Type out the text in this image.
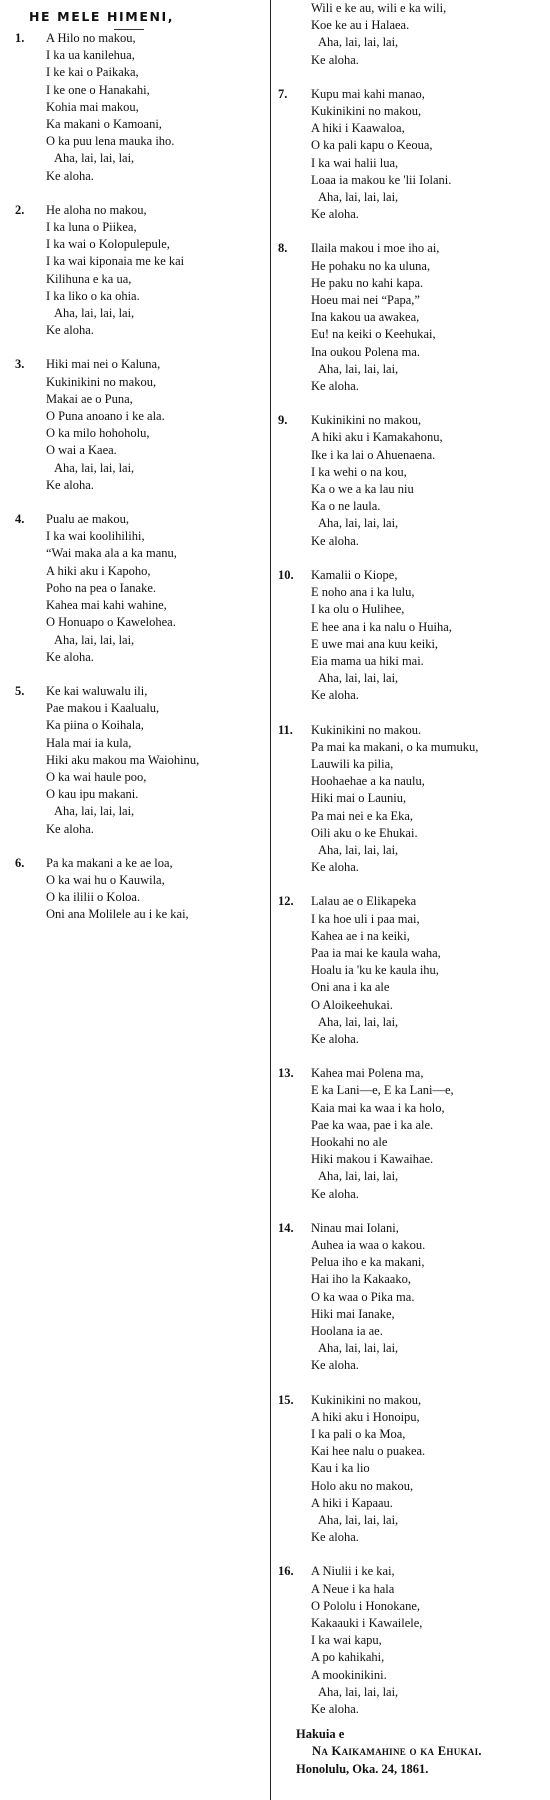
HE MELE HIMENI,
1.	A Hilo no makou,
I ka ua kanilehua,
I ke kai o Paikaka,
I ke one o Hanakahi,
Kohia mai makou,
Ka makani o Kamoani,
O ka puu lena mauka iho.
Aha, lai, lai, lai,
Ke aloha.
2.	He aloha no makou,
I ka luna o Piikea,
I ka wai o Kolopulepule,
I ka wai kiponaia me ke kai
Kilihuna e ka ua,
I ka liko o ka ohia.
Aha, lai, lai, lai,
Ke aloha.
3.	Hiki mai nei o Kaluna,
Kukinikini no makou,
Makai ae o Puna,
O Puna anoano i ke ala.
O ka milo hohoholu,
O wai a Kaea.
Aha, lai, lai, lai,
Ke aloha.
4.	Pualu ae makou,
I ka wai koolihilihi,
“Wai maka ala a ka manu,
A hiki aku i Kapoho,
Poho na pea o Ianake.
Kahea mai kahi wahine,
O Honuapo o Kawelohea.
Aha, lai, lai, lai,
Ke aloha.
5.	Ke kai waluwalu ili,
Pae makou i Kaalualu,
Ka piina o Koihala,
Hala mai ia kula,
Hiki aku makou ma Waiohinu,
O ka wai haule poo,
O kau ipu makani.
Aha, lai, lai, lai,
Ke aloha.
6.	Pa ka makani a ke ae loa,
O ka wai hu o Kauwila,
O ka ililii o Koloa.
Oni ana Molilele au i ke kai,
Wili e ke au, wili e ka wili,
Koe ke au i Halaea.
Aha, lai, lai, lai,
Ke aloha.
7.	Kupu mai kahi manao,
Kukinikini no makou,
A hiki i Kaawaloa,
O ka pali kapu o Keoua,
I ka wai halii lua,
Loaa ia makou ke 'lii Iolani.
Aha, lai, lai, lai,
Ke aloha.
8.	Ilaila makou i moe iho ai,
He pohaku no ka uluna,
He paku no kahi kapa.
Hoeu mai nei “Papa,”
Ina kakou ua awakea,
Eu! na keiki o Keehukai,
Ina oukou Polena ma.
Aha, lai, lai, lai,
Ke aloha.
9.	Kukinikini no makou,
A hiki aku i Kamakahonu,
Ike i ka lai o Ahuenaena.
I ka wehi o na kou,
Ka o we a ka lau niu
Ka o ne laula.
Aha, lai, lai, lai,
Ke aloha.
10.	Kamalii o Kiope,
E noho ana i ka lulu,
I ka olu o Hulihee,
E hee ana i ka nalu o Huiha,
E uwe mai ana kuu keiki,
Eia mama ua hiki mai.
Aha, lai, lai, lai,
Ke aloha.
11.	Kukinikini no makou.
Pa mai ka makani, o ka mumuku,
Lauwili ka pilia,
Hoohaehae a ka naulu,
Hiki mai o Launiu,
Pa mai nei e ka Eka,
Oili aku o ke Ehukai.
Aha, lai, lai, lai,
Ke aloha.
12.	Lalau ae o Elikapeka
I ka hoe uli i paa mai,
Kahea ae i na keiki,
Paa ia mai ke kaula waha,
Hoalu ia 'ku ke kaula ihu,
Oni ana i ka ale
O Aloikeehukai.
Aha, lai, lai, lai,
Ke aloha.
13.	Kahea mai Polena ma,
E ka Lani—e, E ka Lani—e,
Kaia mai ka waa i ka holo,
Pae ka waa, pae i ka ale.
Hookahi no ale
Hiki makou i Kawaihae.
Aha, lai, lai, lai,
Ke aloha.
14.	Ninau mai Iolani,
Auhea ia waa o kakou.
Pelua iho e ka makani,
Hai iho la Kakaako,
O ka waa o Pika ma.
Hiki mai Ianake,
Hoolana ia ae.
Aha, lai, lai, lai,
Ke aloha.
15.	Kukinikini no makou,
A hiki aku i Honoipu,
I ka pali o ka Moa,
Kai hee nalu o puakea.
Kau i ka lio
Holo aku no makou,
A hiki i Kapaau.
Aha, lai, lai, lai,
Ke aloha.
16.	A Niulii i ke kai,
A Neue i ka hala
O Pololu i Honokane,
Kakaauki i Kawailele,
I ka wai kapu,
A po kahikahi,
A mookinikini.
Aha, lai, lai, lai,
Ke aloha.
Hakuia e
Na Kaikamahine o ka Ehukai.
Honolulu, Oka. 24, 1861.
